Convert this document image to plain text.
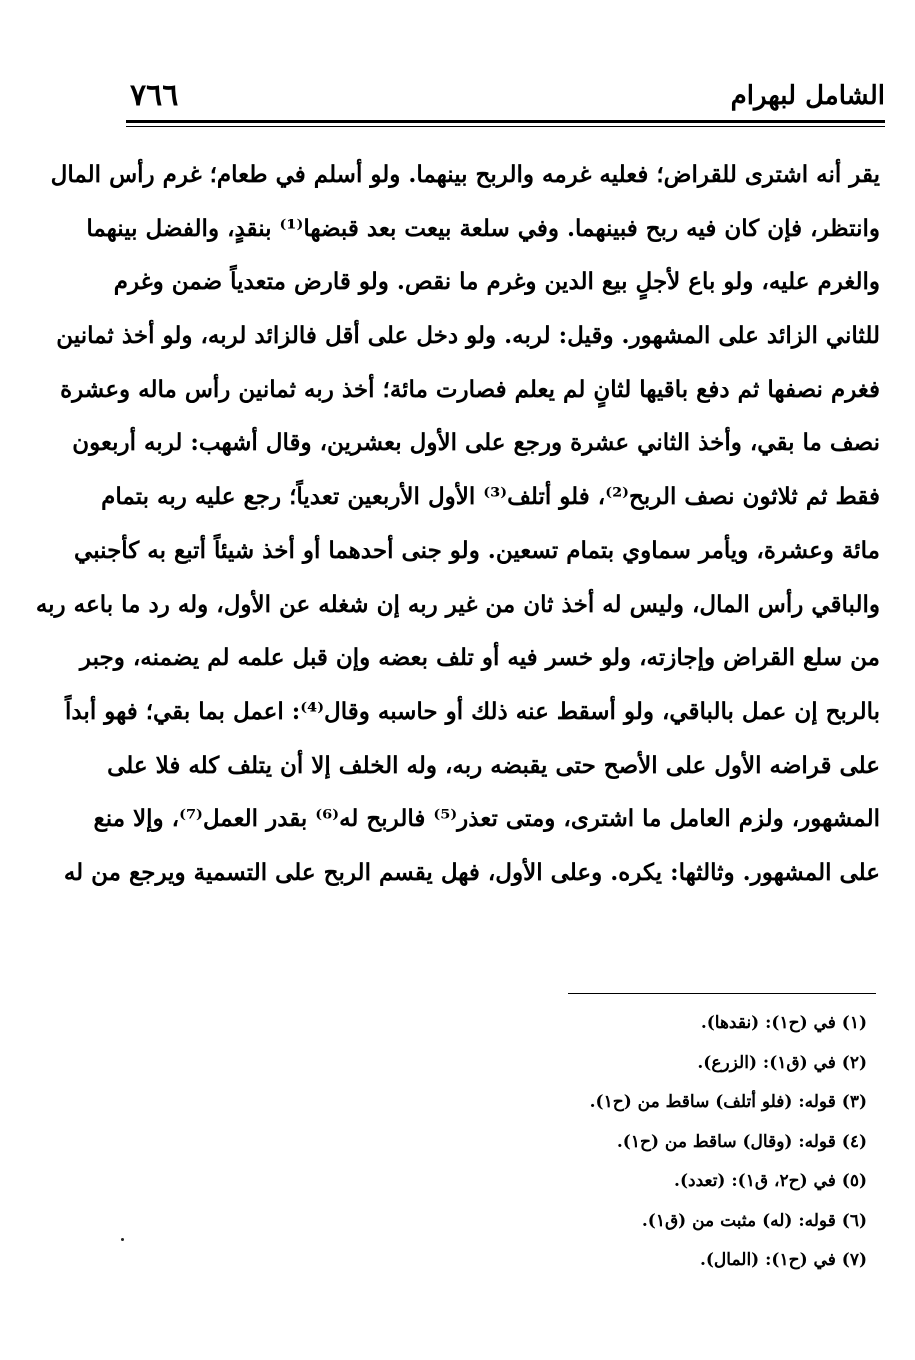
٧٦٦	الشامل لبهرام
يقر أنه اشترى للقراض؛ فعليه غرمه والربح بينهما. ولو أسلم في طعام؛ غرم رأس المال
وانتظر، فإن كان فيه ربح فبينهما. وفي سلعة بيعت بعد قبضها⁽¹⁾ بنقدٍ، والفضل بينهما
والغرم عليه، ولو باع لأجلٍ بيع الدين وغرم ما نقص. ولو قارض متعدياً ضمن وغرم
للثاني الزائد على المشهور. وقيل: لربه. ولو دخل على أقل فالزائد لربه، ولو أخذ ثمانين
فغرم نصفها ثم دفع باقيها لثانٍ لم يعلم فصارت مائة؛ أخذ ربه ثمانين رأس ماله وعشرة
نصف ما بقي، وأخذ الثاني عشرة ورجع على الأول بعشرين، وقال أشهب: لربه أربعون
فقط ثم ثلاثون نصف الربح⁽²⁾، فلو أتلف⁽³⁾ الأول الأربعين تعدياً؛ رجع عليه ربه بتمام
مائة وعشرة، ويأمر سماوي بتمام تسعين. ولو جنى أحدهما أو أخذ شيئاً أتبع به كأجنبي
والباقي رأس المال، وليس له أخذ ثان من غير ربه إن شغله عن الأول، وله رد ما باعه ربه
من سلع القراض وإجازته، ولو خسر فيه أو تلف بعضه وإن قبل علمه لم يضمنه، وجبر
بالربح إن عمل بالباقي، ولو أسقط عنه ذلك أو حاسبه وقال⁽⁴⁾: اعمل بما بقي؛ فهو أبداً
على قراضه الأول على الأصح حتى يقبضه ربه، وله الخلف إلا أن يتلف كله فلا على
المشهور، ولزم العامل ما اشترى، ومتى تعذر⁽⁵⁾ فالربح له⁽⁶⁾ بقدر العمل⁽⁷⁾، وإلا منع
على المشهور. وثالثها: يكره. وعلى الأول، فهل يقسم الربح على التسمية ويرجع من له
(١) في (ح١): (نقدها).
(٢) في (ق١): (الزرع).
(٣) قوله: (فلو أتلف) ساقط من (ح١).
(٤) قوله: (وقال) ساقط من (ح١).
(٥) في (ح٢، ق١): (تعدد).
(٦) قوله: (له) مثبت من (ق١).
(٧) في (ح١): (المال).
